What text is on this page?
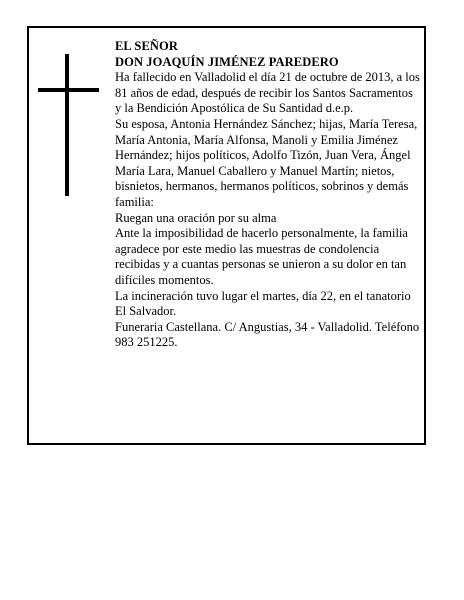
EL SEÑOR

DON JOAQUÍN JIMÉNEZ PAREDERO

Ha fallecido en Valladolid el día 21 de octubre de 2013, a los 81 años de edad, después de recibir los Santos Sacramentos y la Bendición Apostólica de Su Santidad d.e.p.

Su esposa, Antonia Hernández Sánchez; hijas, María Teresa, María Antonia, María Alfonsa, Manoli y Emilia Jiménez Hernández; hijos políticos, Adolfo Tizón, Juan Vera, Ángel María Lara, Manuel Caballero y Manuel Martín; nietos, bisnietos, hermanos, hermanos políticos, sobrinos y demás familia:

Ruegan una oración por su alma

Ante la imposibilidad de hacerlo personalmente, la familia agradece por este medio las muestras de condolencia recibidas y a cuantas personas se unieron a su dolor en tan difíciles momentos.

La incineración tuvo lugar el martes, día 22, en el tanatorio El Salvador.

Funeraria Castellana. C/ Angustias, 34 - Valladolid. Teléfono 983 251225.
